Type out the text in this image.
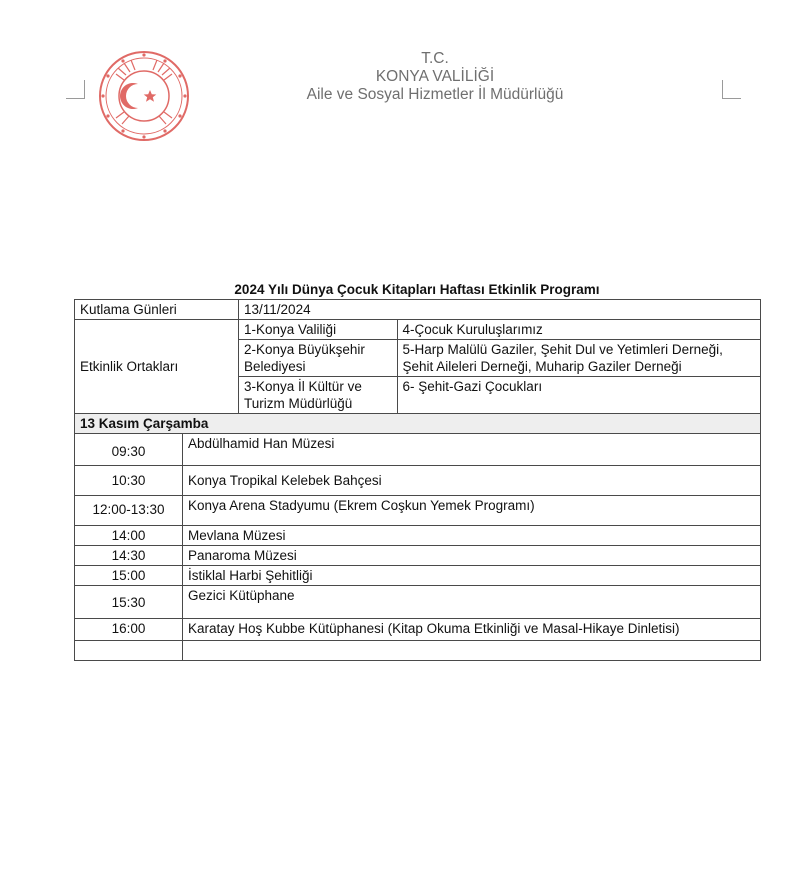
T.C.
KONYA VALİLİĞİ
Aile ve Sosyal Hizmetler İl Müdürlüğü
2024 Yılı Dünya Çocuk Kitapları Haftası Etkinlik Programı
Kutlama Günleri	13/11/2024
Etkinlik Ortakları	
1-Konya Valiliği	4-Çocuk Kuruluşlarımız
2-Konya Büyükşehir Belediyesi	5-Harp Malülü Gaziler, Şehit Dul ve Yetimleri Derneği, Şehit Aileleri Derneği, Muharip Gaziler Derneği
3-Konya İl Kültür ve Turizm Müdürlüğü	6- Şehit-Gazi Çocukları

13 Kasım Çarşamba
09:30	Abdülhamid Han Müzesi
10:30	Konya Tropikal Kelebek Bahçesi
12:00-13:30	Konya Arena Stadyumu (Ekrem Coşkun Yemek Programı)
14:00	Mevlana Müzesi
14:30	Panaroma Müzesi
15:00	İstiklal Harbi Şehitliği
15:30	Gezici Kütüphane
16:00	Karatay Hoş Kubbe Kütüphanesi (Kitap Okuma Etkinliği ve Masal-Hikaye Dinletisi)
